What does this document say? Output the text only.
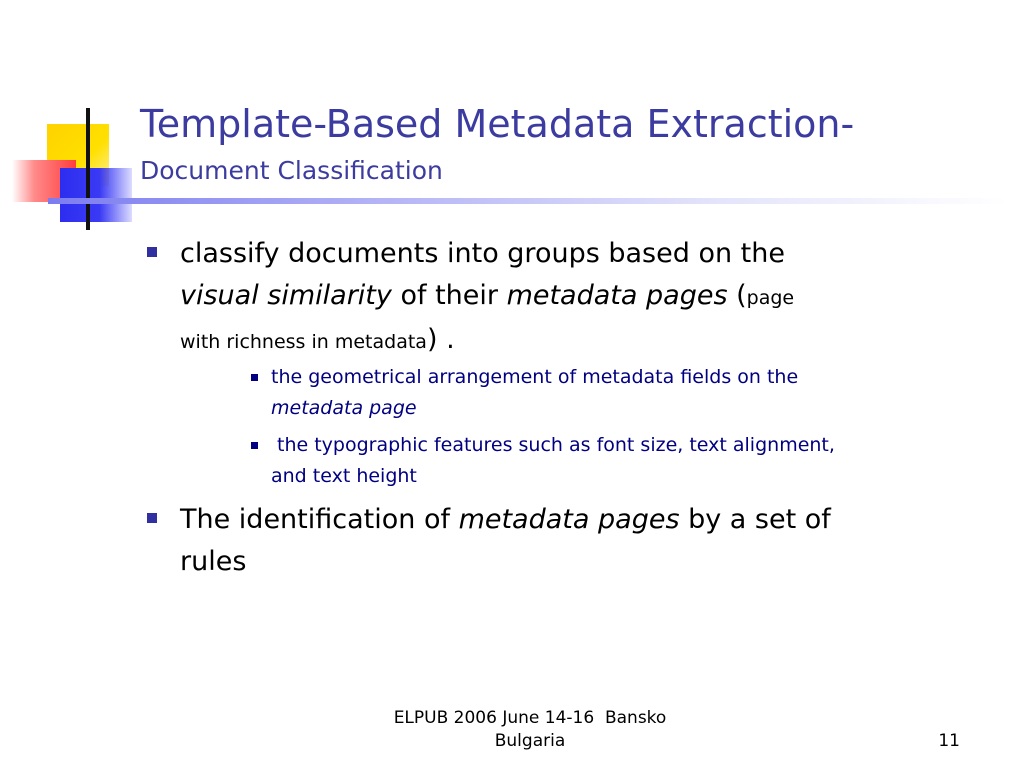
Template-Based Metadata Extraction-
Document Classification
classify documents into groups based on the
visual similarity of their metadata pages (page
with richness in metadata) .
the geometrical arrangement of metadata fields on the
metadata page
the typographic features such as font size, text alignment,
and text height
The identification of metadata pages by a set of
rules
ELPUB 2006 June 14-16  Bansko
Bulgaria	11
